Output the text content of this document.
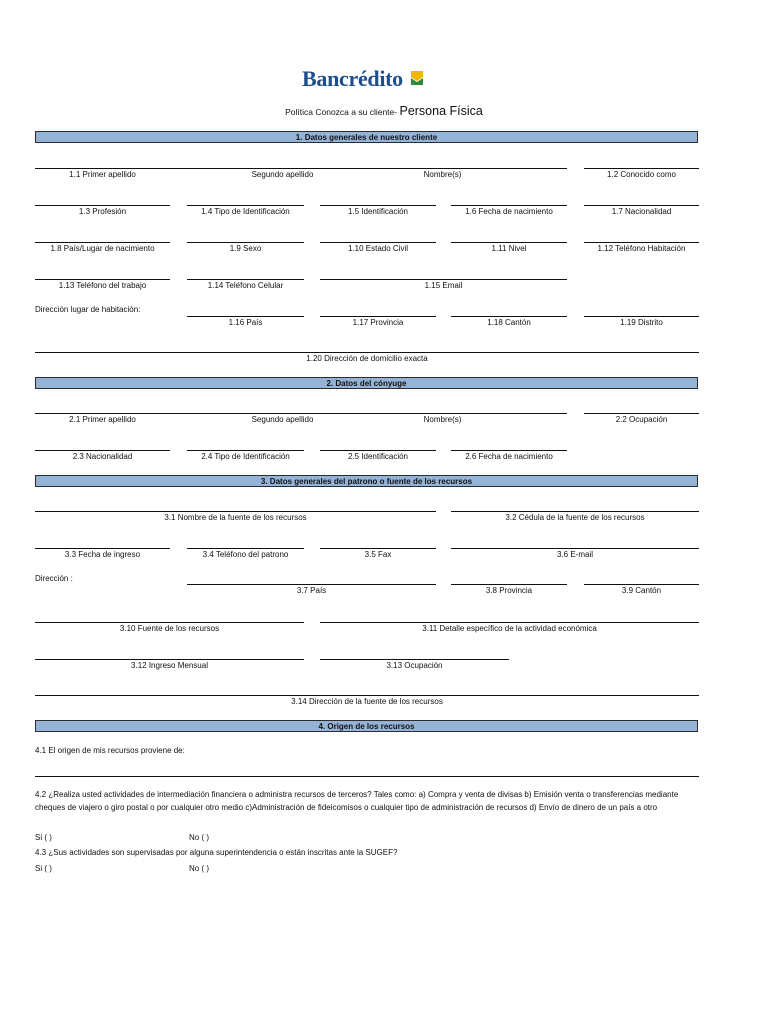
Bancrédito
Política Conozca a su cliente- Persona Física
1. Datos generales de nuestro cliente
1.1 Primer apellido	Segundo apellido	Nombre(s)	1.2 Conocido como
1.3 Profesión	1.4 Tipo de Identificación	1.5 Identificación	1.6 Fecha de nacimiento	1.7 Nacionalidad
1.8 País/Lugar de nacimiento	1.9 Sexo	1.10 Estado Civil	1.11 Nivel	1.12 Teléfono Habitación
1.13 Teléfono del trabajo	1.14 Teléfono Celular	1.15 Email
Dirección lugar de habitación:
1.16 País	1.17 Provincia	1.18 Cantón	1.19 Distrito
1.20 Dirección de domicilio exacta
2. Datos del cónyuge
2.1 Primer apellido	Segundo apellido	Nombre(s)	2.2 Ocupación
2.3 Nacionalidad	2.4 Tipo de Identificación	2.5 Identificación	2.6 Fecha de nacimiento
3. Datos generales del patrono o fuente de los recursos
3.1 Nombre de la fuente de los recursos	3.2 Cédula de la fuente de los recursos
3.3 Fecha de ingreso	3.4 Teléfono del patrono	3.5 Fax	3.6 E-mail
Dirección :
3.7 País	3.8 Provincia	3.9 Cantón
3.10 Fuente de los recursos	3.11 Detalle específico de la actividad económica
3.12 Ingreso Mensual	3.13 Ocupación
3.14 Dirección de la fuente de los recursos
4. Origen de los recursos
4.1 El origen de mis recursos proviene de:
4.2 ¿Realiza usted actividades de intermediación financiera o administra recursos de terceros? Tales como: a) Compra y venta de divisas b) Emisión venta o transferencias mediante cheques de viajero o giro postal o por cualquier otro medio c)Administración de fideicomisos o cualquier tipo de administración de recursos d) Envío de dinero de un país a otro
Si ( )	No ( )
4.3 ¿Sus actividades son supervisadas por alguna superintendencia o están inscritas ante la SUGEF?
Si ( )	No ( )
